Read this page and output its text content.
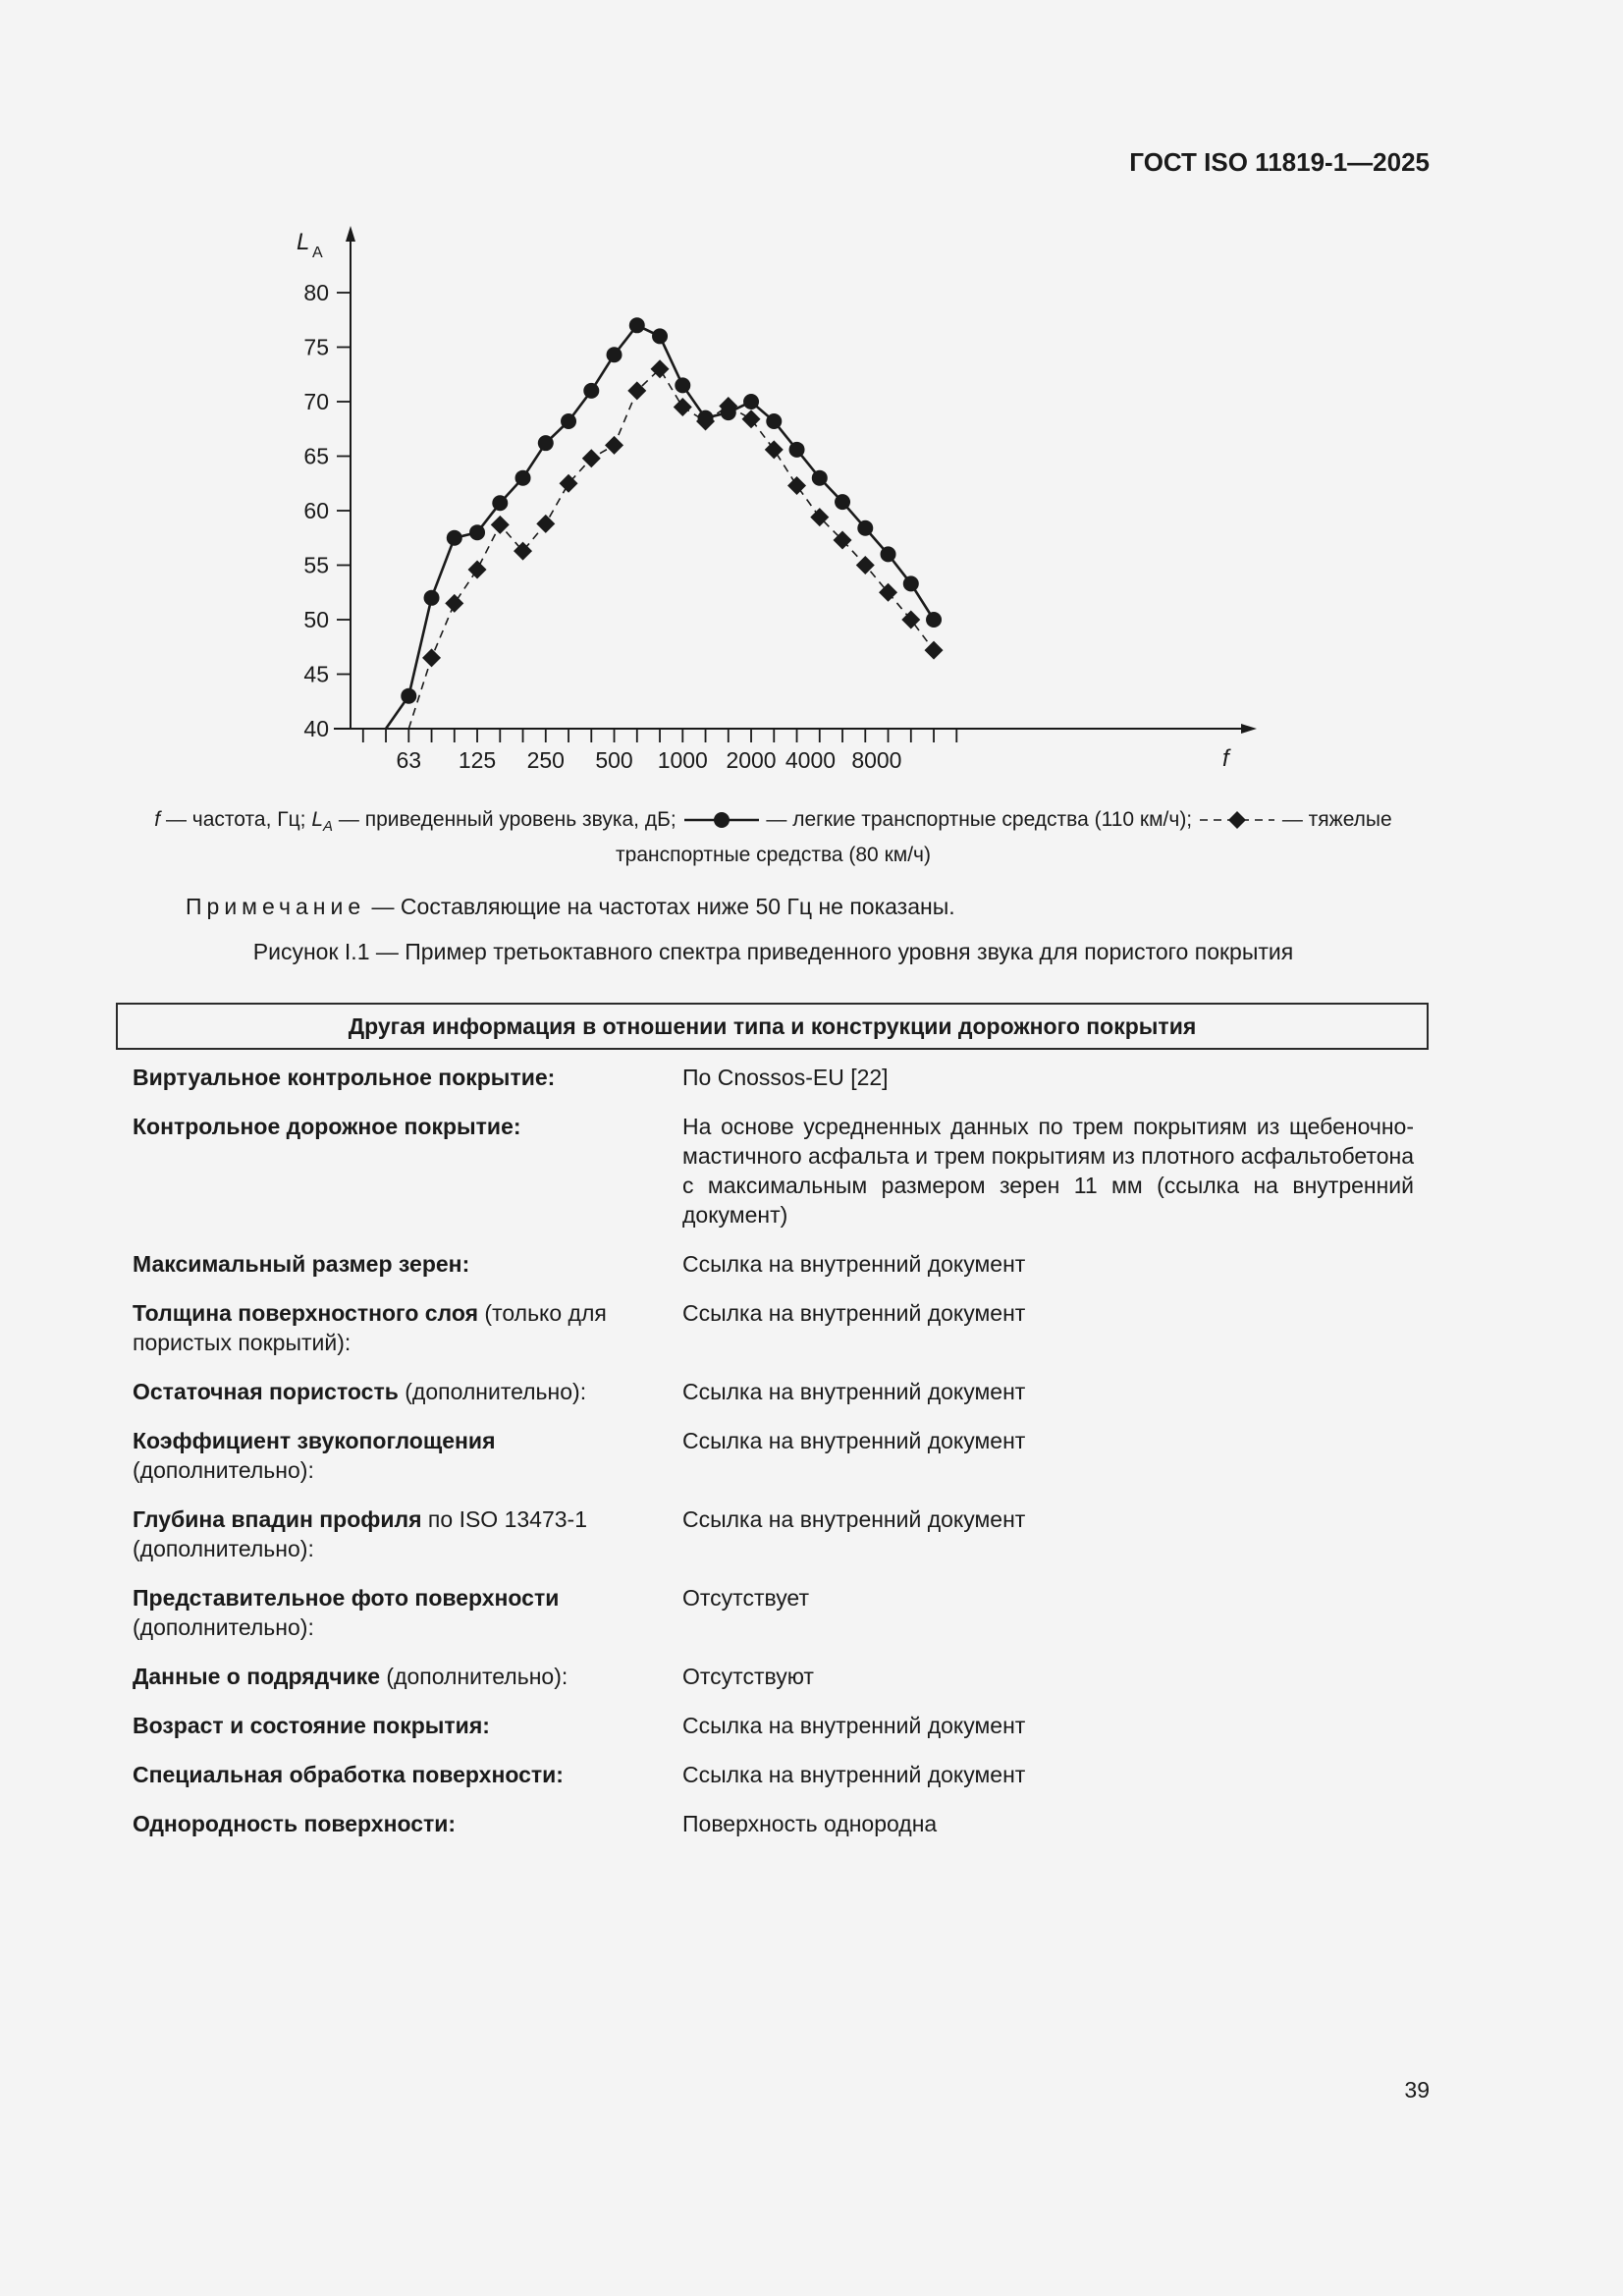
ГОСТ ISO 11819-1—2025
80
75
70
65
60
55
50
45
40
63 125 250 500 1000 2000 4000 8000
L A
f
f — частота, Гц; $L_A$ — приведенный уровень звука, дБ;	— легкие транспортные средства (110 км/ч);	— тяжелые
транспортные средства (80 км/ч)
Примечание — Составляющие на частотах ниже 50 Гц не показаны.
Рисунок I.1 — Пример третьоктавного спектра приведенного уровня звука для пористого покрытия
Другая информация в отношении типа и конструкции дорожного покрытия
Виртуальное контрольное покрытие:	По Cnossos-EU [22]
Контрольное дорожное покрытие:	На основе усредненных данных по трем покрытиям из щебеночно-мастичного асфальта и трем покрытиям из плотного асфальтобетона с максимальным размером зерен 11 мм (ссылка на внутренний документ)
Максимальный размер зерен:	Ссылка на внутренний документ
Толщина поверхностного слоя (только для пористых покрытий):	Ссылка на внутренний документ
Остаточная пористость (дополнительно):	Ссылка на внутренний документ
Коэффициент звукопоглощения (дополнительно):	Ссылка на внутренний документ
Глубина впадин профиля по ISO 13473-1 (дополнительно):	Ссылка на внутренний документ
Представительное фото поверхности (дополнительно):	Отсутствует
Данные о подрядчике (дополнительно):	Отсутствуют
Возраст и состояние покрытия:	Ссылка на внутренний документ
Специальная обработка поверхности:	Ссылка на внутренний документ
Однородность поверхности:	Поверхность однородна
39
